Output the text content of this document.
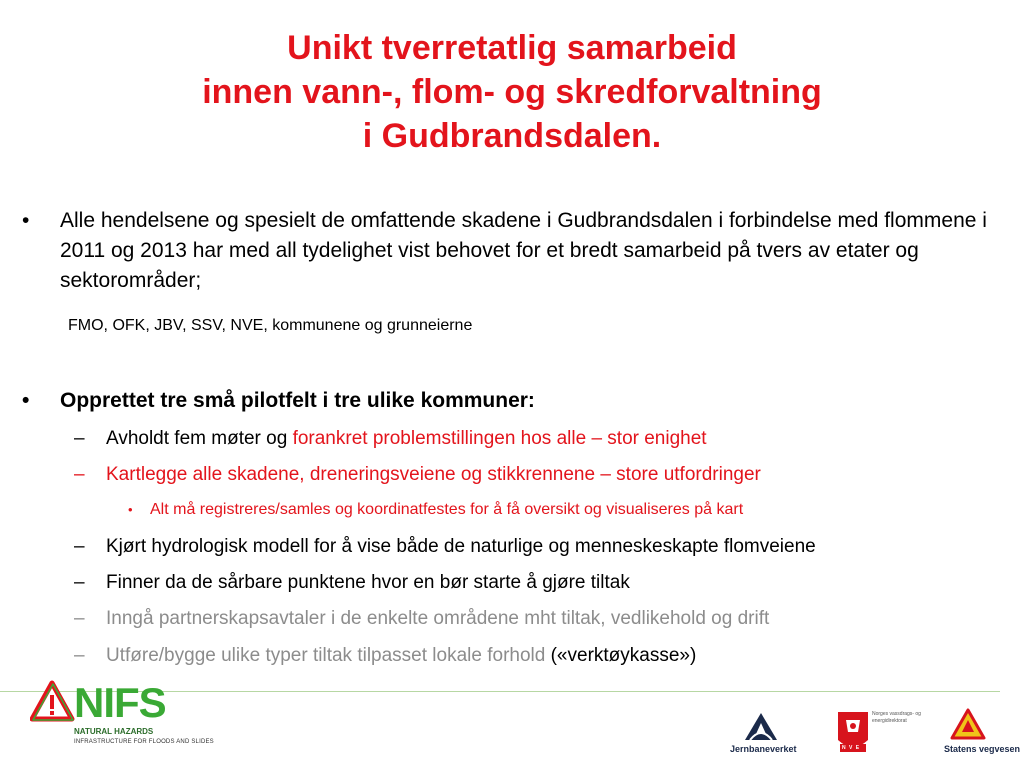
Unikt tverretatlig samarbeid
innen vann-, flom- og skredforvaltning
i Gudbrandsdalen.
• Alle hendelsene og spesielt de omfattende skadene i Gudbrandsdalen i forbindelse med flommene i 2011 og 2013 har med all tydelighet vist behovet for et bredt samarbeid på tvers av etater og sektorområder;
FMO, OFK, JBV, SSV, NVE, kommunene og grunneierne
• Opprettet tre små pilotfelt i tre ulike kommuner:
– Avholdt fem møter og forankret problemstillingen hos alle – stor enighet
– Kartlegge alle skadene, dreneringsveiene og stikkrennene – store utfordringer
• Alt må registreres/samles og koordinatfestes for å få oversikt og visualiseres på kart
– Kjørt hydrologisk modell for å vise både de naturlige og menneskeskapte flomveiene
– Finner da de sårbare punktene hvor en bør starte å gjøre tiltak
– Inngå partnerskapsavtaler i de enkelte områdene mht tiltak, vedlikehold og drift
– Utføre/bygge ulike typer tiltak tilpasset lokale forhold («verktøykasse»)
NIFS
NATURAL HAZARDS
INFRASTRUCTURE FOR FLOODS AND SLIDES
Jernbaneverket	N V E
Norges vassdrags- og energidirektorat
Statens vegvesen
